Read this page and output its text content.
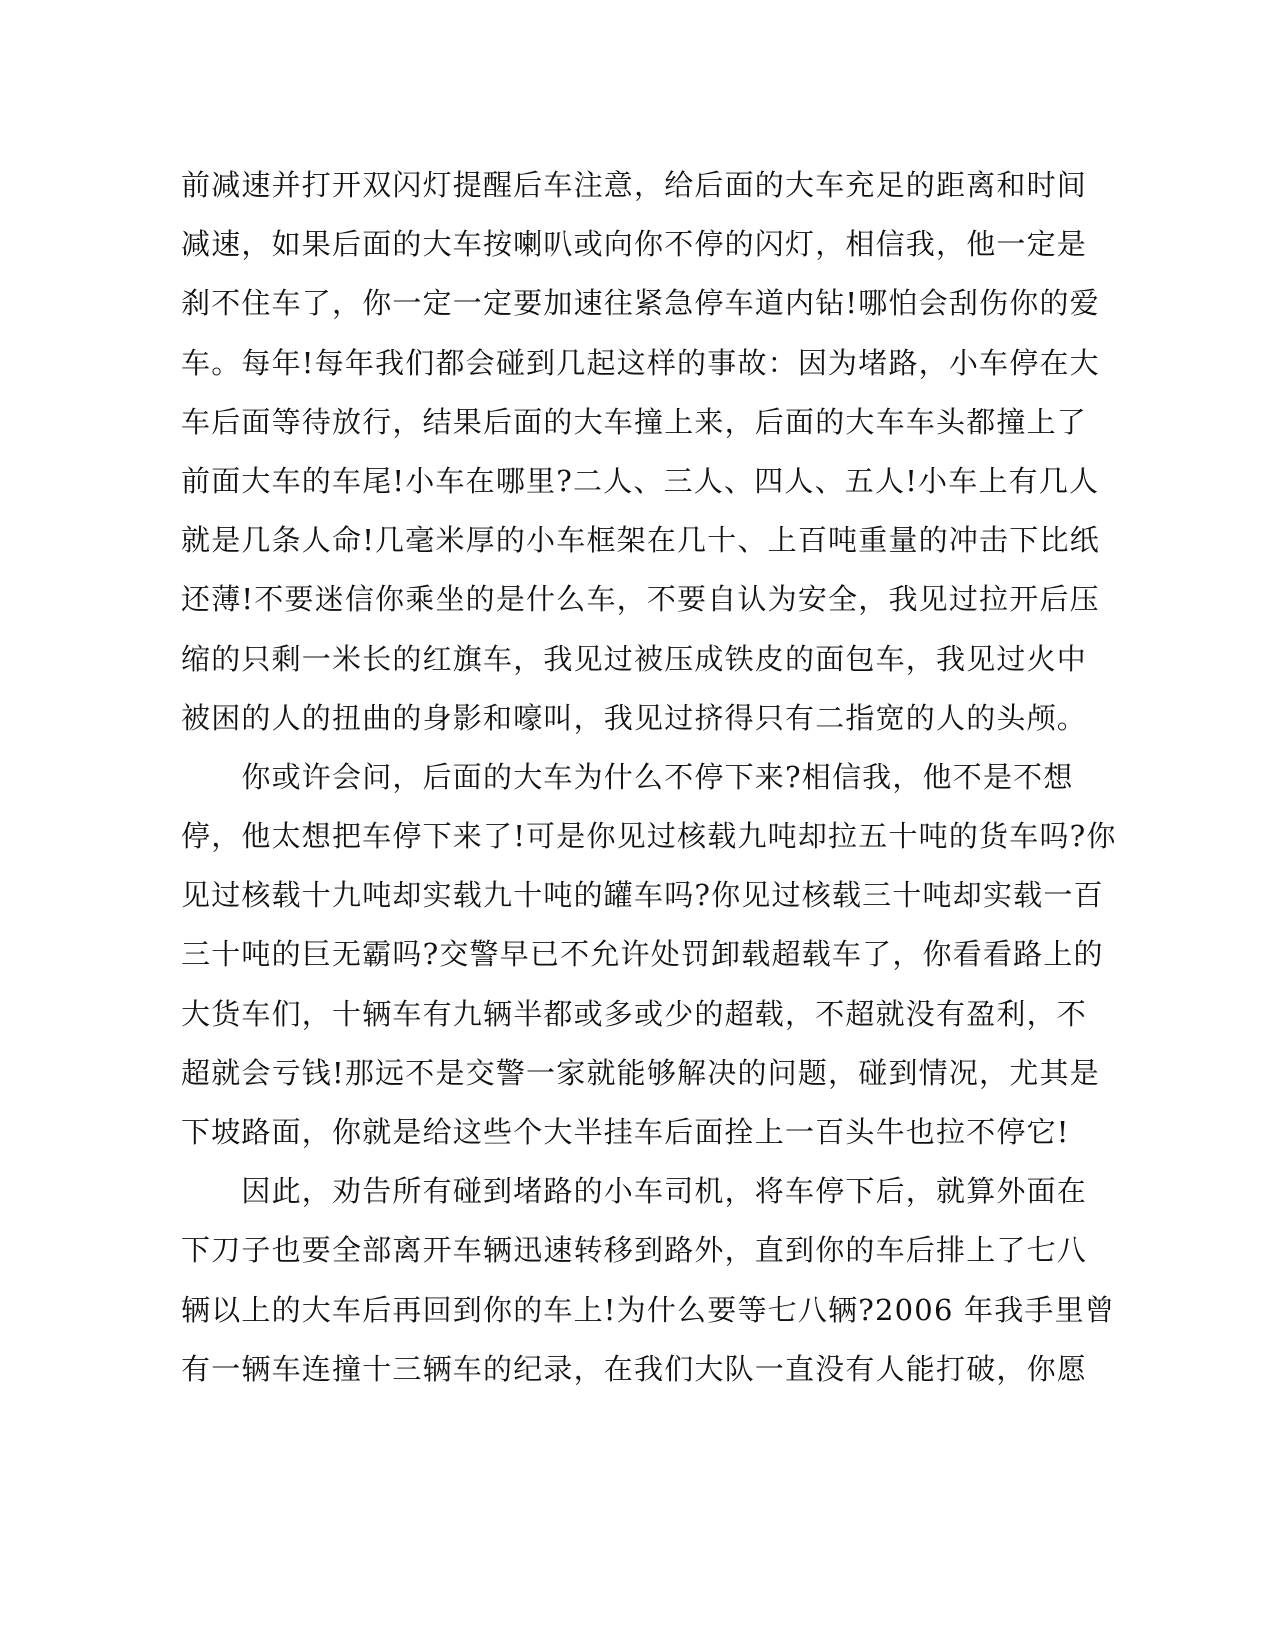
前减速并打开双闪灯提醒后车注意，给后面的大车充足的距离和时间
减速，如果后面的大车按喇叭或向你不停的闪灯，相信我，他一定是
刹不住车了，你一定一定要加速往紧急停车道内钻!哪怕会刮伤你的爱
车。每年!每年我们都会碰到几起这样的事故：因为堵路，小车停在大
车后面等待放行，结果后面的大车撞上来，后面的大车车头都撞上了
前面大车的车尾!小车在哪里?二人、三人、四人、五人!小车上有几人
就是几条人命!几毫米厚的小车框架在几十、上百吨重量的冲击下比纸
还薄!不要迷信你乘坐的是什么车，不要自认为安全，我见过拉开后压
缩的只剩一米长的红旗车，我见过被压成铁皮的面包车，我见过火中
被困的人的扭曲的身影和嚎叫，我见过挤得只有二指宽的人的头颅。
　　你或许会问，后面的大车为什么不停下来?相信我，他不是不想
停，他太想把车停下来了!可是你见过核载九吨却拉五十吨的货车吗?你
见过核载十九吨却实载九十吨的罐车吗?你见过核载三十吨却实载一百
三十吨的巨无霸吗?交警早已不允许处罚卸载超载车了，你看看路上的
大货车们，十辆车有九辆半都或多或少的超载，不超就没有盈利，不
超就会亏钱!那远不是交警一家就能够解决的问题，碰到情况，尤其是
下坡路面，你就是给这些个大半挂车后面拴上一百头牛也拉不停它!
　　因此，劝告所有碰到堵路的小车司机，将车停下后，就算外面在
下刀子也要全部离开车辆迅速转移到路外，直到你的车后排上了七八
辆以上的大车后再回到你的车上!为什么要等七八辆?2006 年我手里曾
有一辆车连撞十三辆车的纪录，在我们大队一直没有人能打破，你愿
